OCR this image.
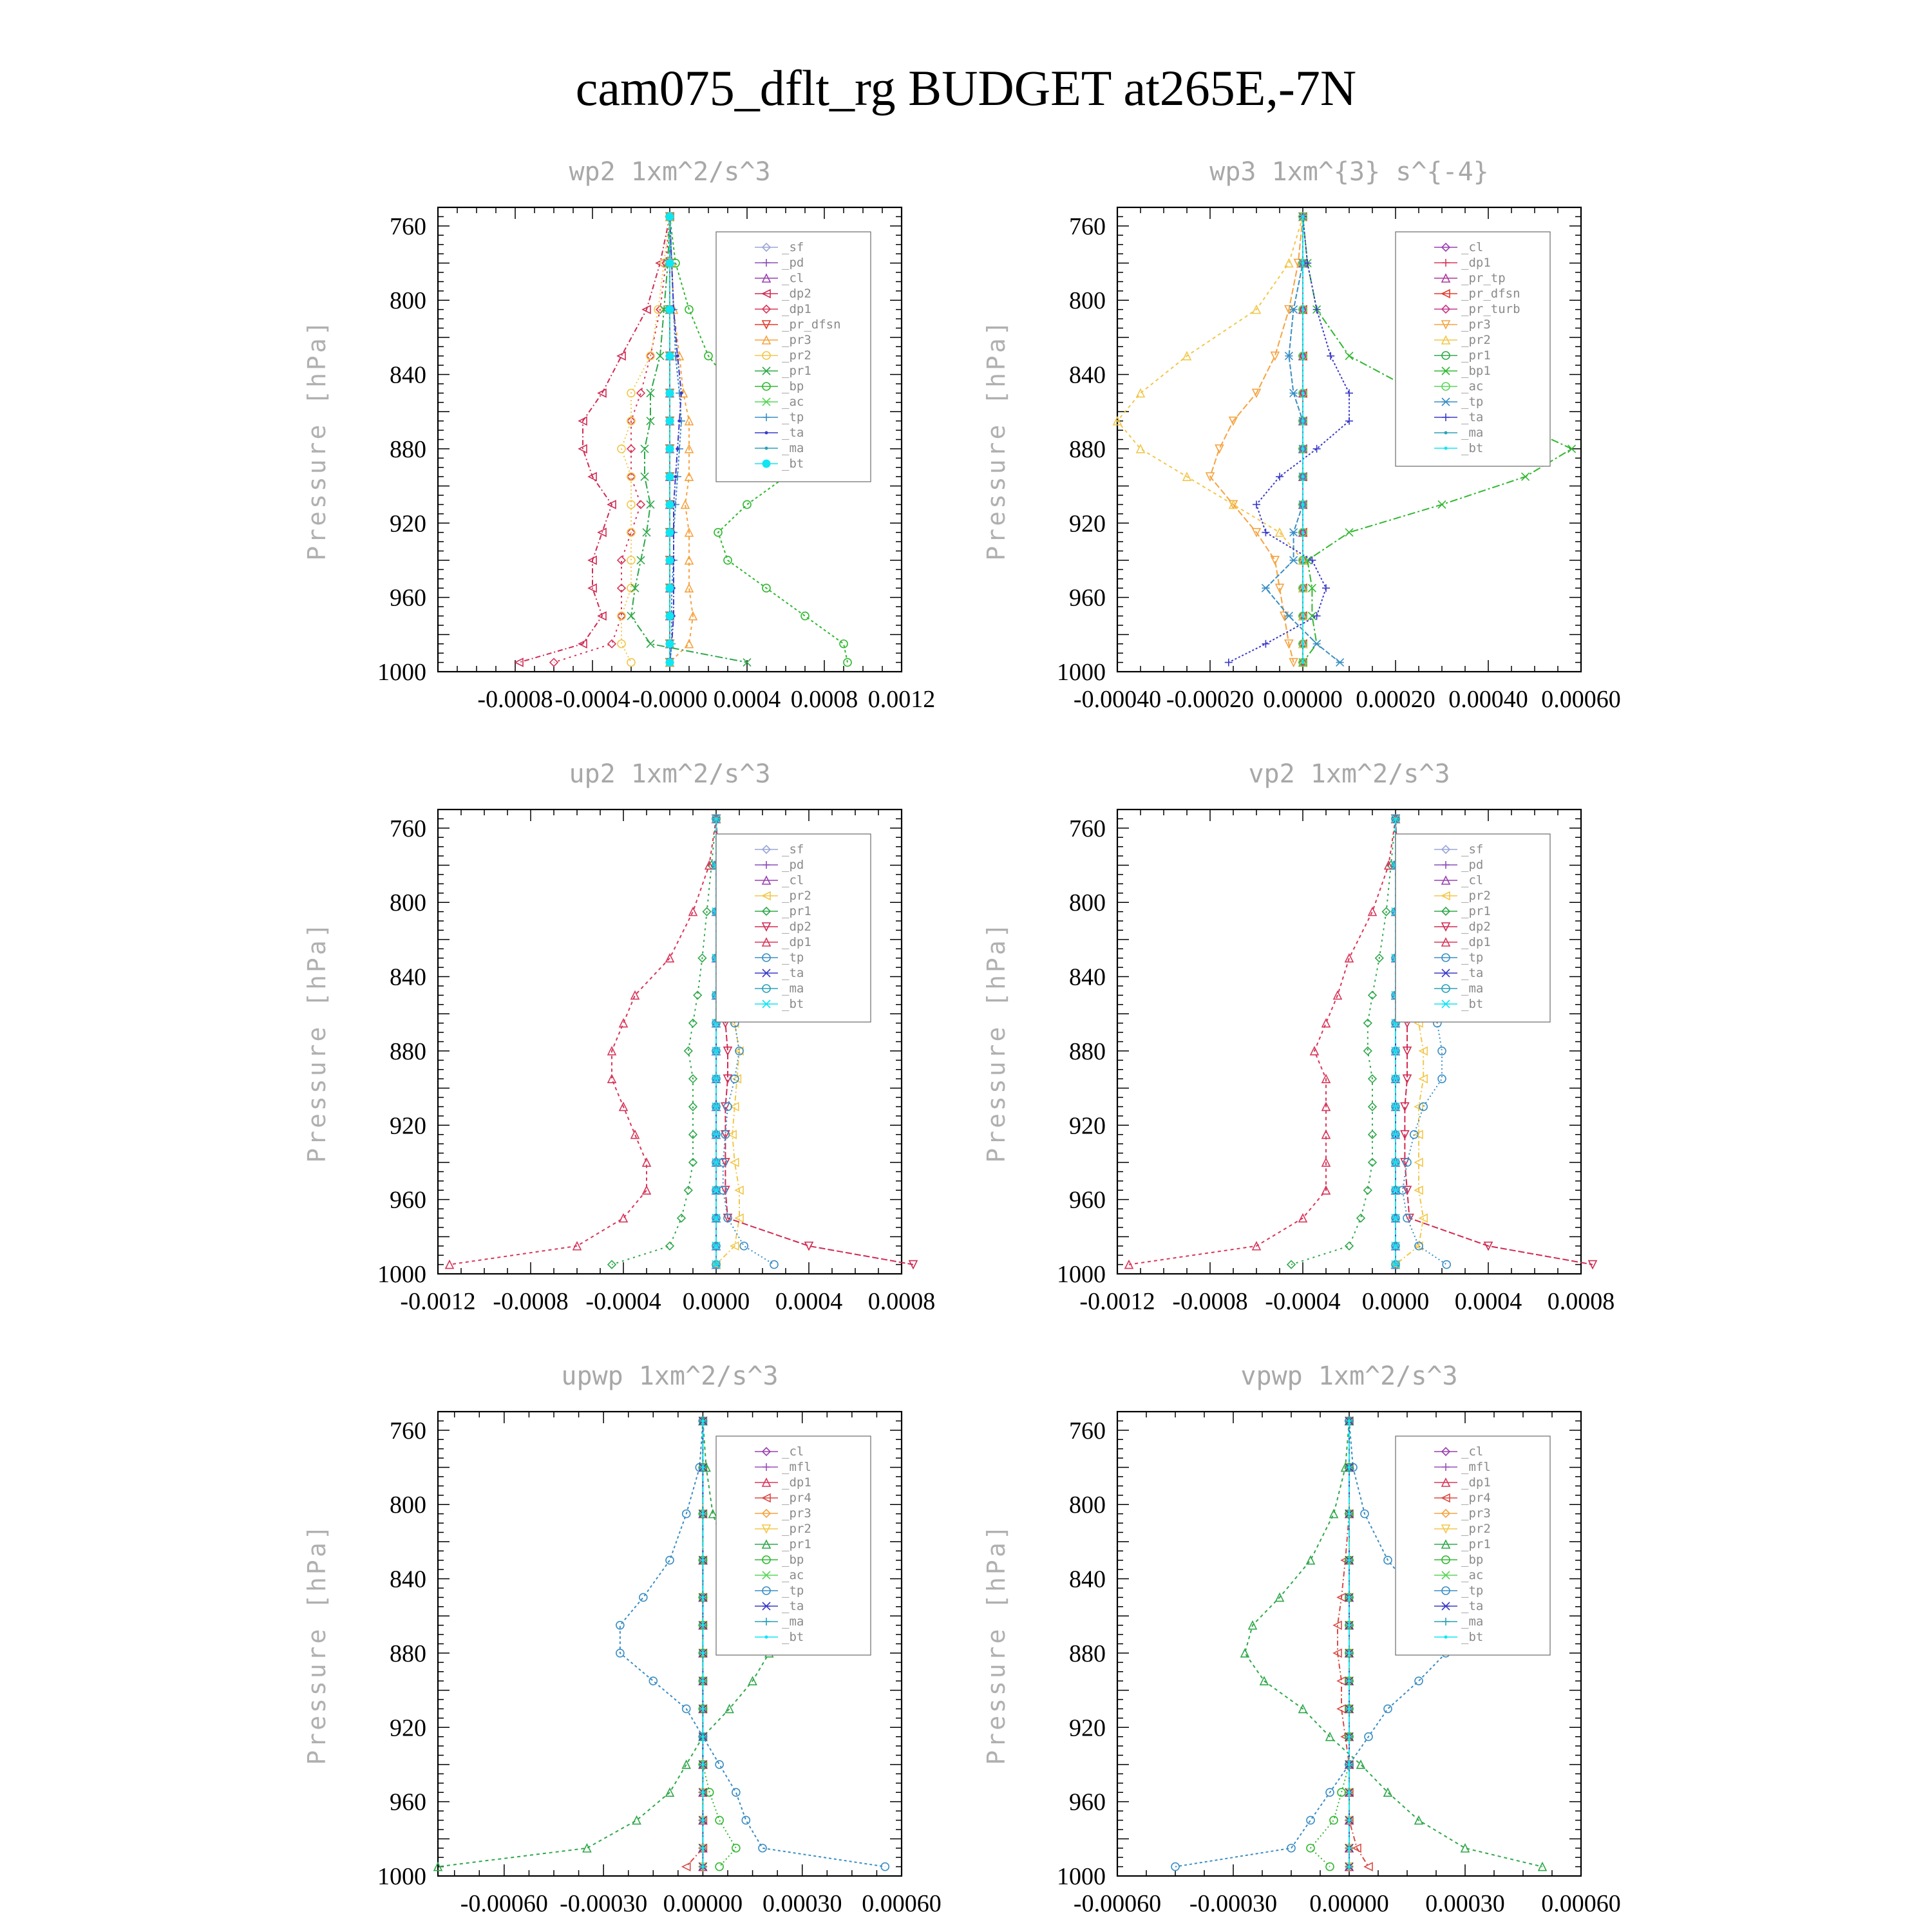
cam075_dflt_rg BUDGET at265E,-7N
760
800
840
880
920
960
1000
-0.0008 -0.0004 -0.0000 0.0004 0.0008 0.0012
wp2 1xm^2/s^3
Pressure [hPa]
_sf
_pd
_cl
_dp2
_dp1
_pr_dfsn
_pr3
_pr2
_pr1
_bp
_ac
_tp
_ta
_ma
_bt
760
800
840
880
920
960
1000
-0.00040 -0.00020 0.00000 0.00020 0.00040 0.00060
wp3 1xm^{3} s^{-4}
Pressure [hPa]
_cl
_dp1
_pr_tp
_pr_dfsn
_pr_turb
_pr3
_pr2
_pr1
_bp1
_ac
_tp
_ta
_ma
_bt
760
800
840
880
920
960
1000
-0.0012 -0.0008 -0.0004 0.0000 0.0004 0.0008
up2 1xm^2/s^3
Pressure [hPa]
_sf
_pd
_cl
_pr2
_pr1
_dp2
_dp1
_tp
_ta
_ma
_bt
760
800
840
880
920
960
1000
-0.0012 -0.0008 -0.0004 0.0000 0.0004 0.0008
vp2 1xm^2/s^3
Pressure [hPa]
_sf
_pd
_cl
_pr2
_pr1
_dp2
_dp1
_tp
_ta
_ma
_bt
760
800
840
880
920
960
1000
-0.00060 -0.00030 0.00000 0.00030 0.00060
upwp 1xm^2/s^3
Pressure [hPa]
_cl
_mfl
_dp1
_pr4
_pr3
_pr2
_pr1
_bp
_ac
_tp
_ta
_ma
_bt
760
800
840
880
920
960
1000
-0.00060 -0.00030 0.00000 0.00030 0.00060
vpwp 1xm^2/s^3
Pressure [hPa]
_cl
_mfl
_dp1
_pr4
_pr3
_pr2
_pr1
_bp
_ac
_tp
_ta
_ma
_bt
